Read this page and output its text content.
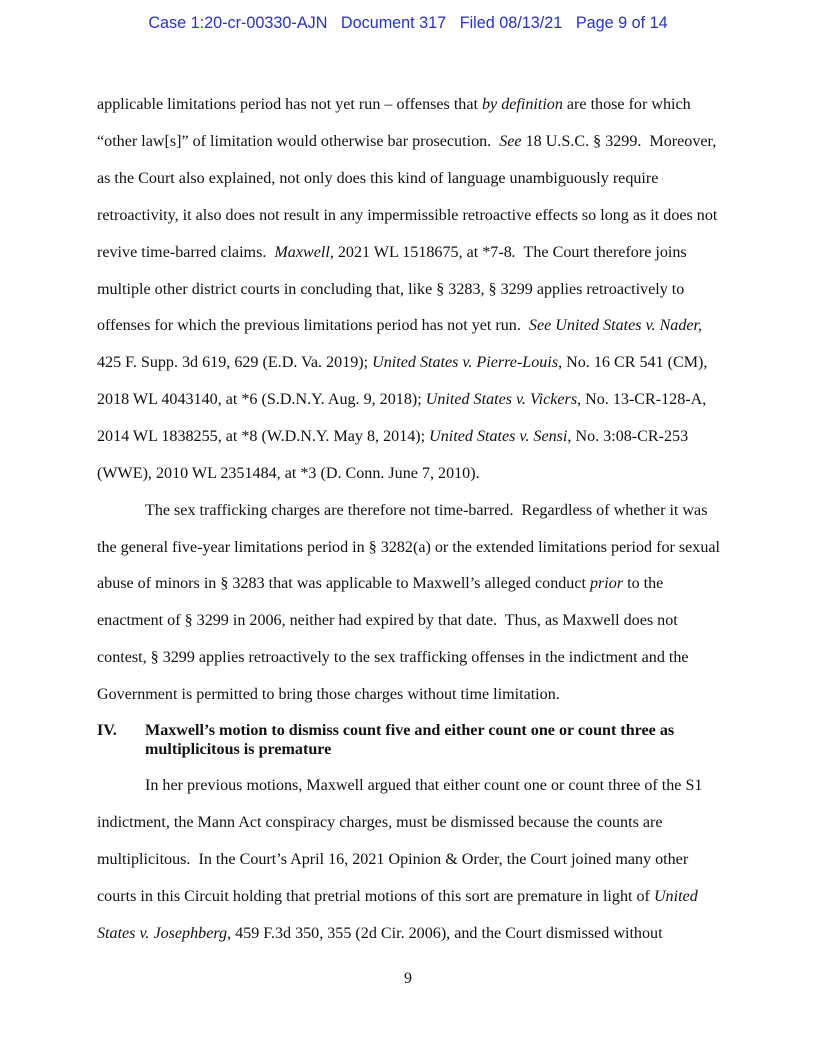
Case 1:20-cr-00330-AJN Document 317 Filed 08/13/21 Page 9 of 14
applicable limitations period has not yet run – offenses that by definition are those for which
“other law[s]” of limitation would otherwise bar prosecution.  See 18 U.S.C. § 3299.  Moreover,
as the Court also explained, not only does this kind of language unambiguously require
retroactivity, it also does not result in any impermissible retroactive effects so long as it does not
revive time-barred claims.  Maxwell, 2021 WL 1518675, at *7-8.  The Court therefore joins
multiple other district courts in concluding that, like § 3283, § 3299 applies retroactively to
offenses for which the previous limitations period has not yet run.  See United States v. Nader,
425 F. Supp. 3d 619, 629 (E.D. Va. 2019); United States v. Pierre-Louis, No. 16 CR 541 (CM),
2018 WL 4043140, at *6 (S.D.N.Y. Aug. 9, 2018); United States v. Vickers, No. 13-CR-128-A,
2014 WL 1838255, at *8 (W.D.N.Y. May 8, 2014); United States v. Sensi, No. 3:08-CR-253
(WWE), 2010 WL 2351484, at *3 (D. Conn. June 7, 2010).
The sex trafficking charges are therefore not time-barred.  Regardless of whether it was
the general five-year limitations period in § 3282(a) or the extended limitations period for sexual
abuse of minors in § 3283 that was applicable to Maxwell’s alleged conduct prior to the
enactment of § 3299 in 2006, neither had expired by that date.  Thus, as Maxwell does not
contest, § 3299 applies retroactively to the sex trafficking offenses in the indictment and the
Government is permitted to bring those charges without time limitation.
IV. Maxwell’s motion to dismiss count five and either count one or count three as
multiplicitous is premature
In her previous motions, Maxwell argued that either count one or count three of the S1
indictment, the Mann Act conspiracy charges, must be dismissed because the counts are
multiplicitous.  In the Court’s April 16, 2021 Opinion & Order, the Court joined many other
courts in this Circuit holding that pretrial motions of this sort are premature in light of United
States v. Josephberg, 459 F.3d 350, 355 (2d Cir. 2006), and the Court dismissed without
9
